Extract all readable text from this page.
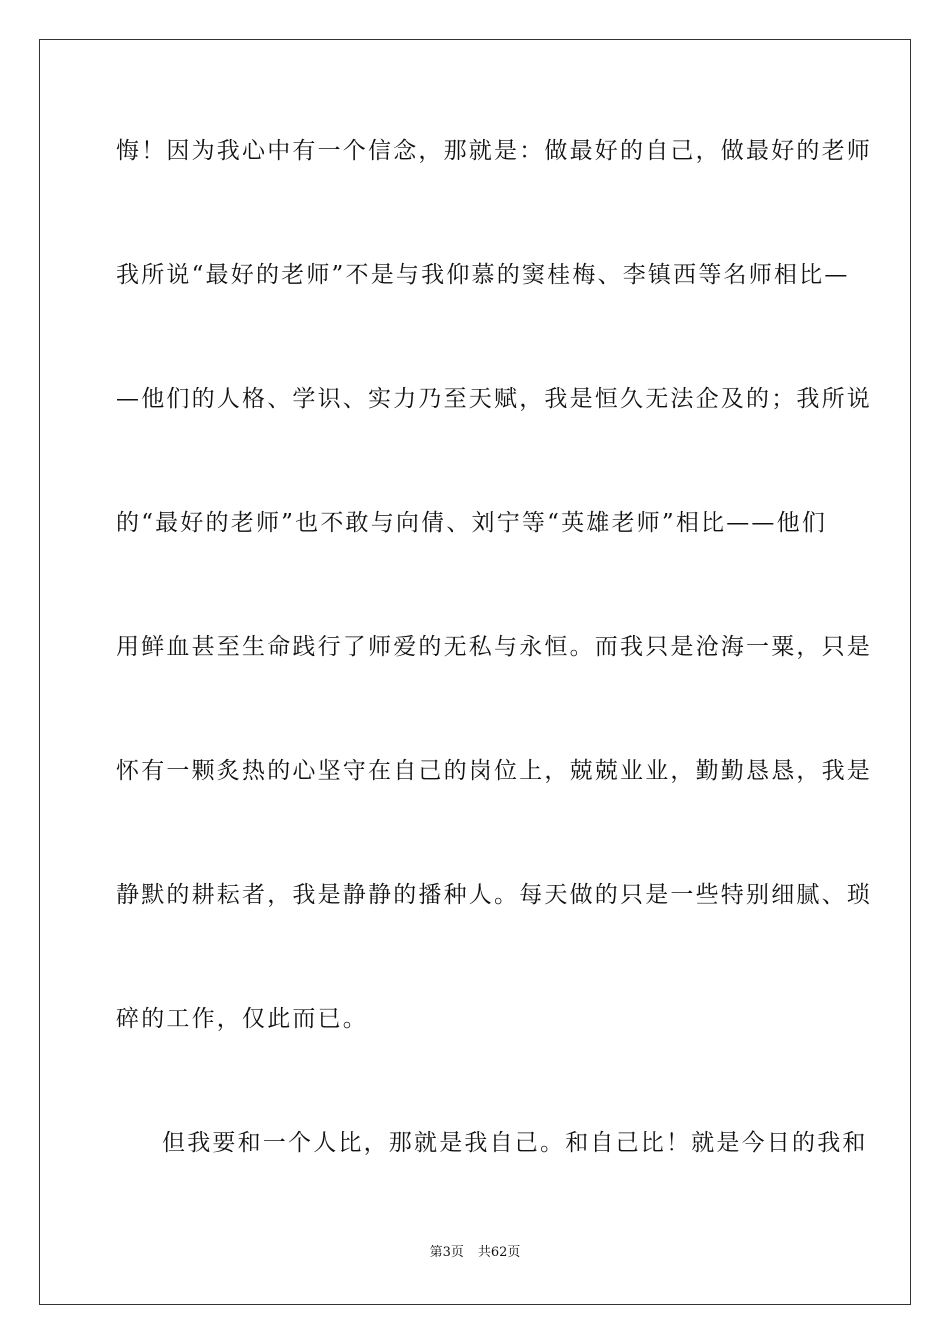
悔！因为我心中有一个信念，那就是：做最好的自己，做最好的老师
我所说“最好的老师”不是与我仰慕的窦桂梅、李镇西等名师相比—
—他们的人格、学识、实力乃至天赋，我是恒久无法企及的；我所说
的“最好的老师”也不敢与向倩、刘宁等“英雄老师”相比——他们
用鲜血甚至生命践行了师爱的无私与永恒。而我只是沧海一粟，只是
怀有一颗炙热的心坚守在自己的岗位上，兢兢业业，勤勤恳恳，我是
静默的耕耘者，我是静静的播种人。每天做的只是一些特别细腻、琐
碎的工作，仅此而已。
但我要和一个人比，那就是我自己。和自己比！就是今日的我和
第3页 共62页
